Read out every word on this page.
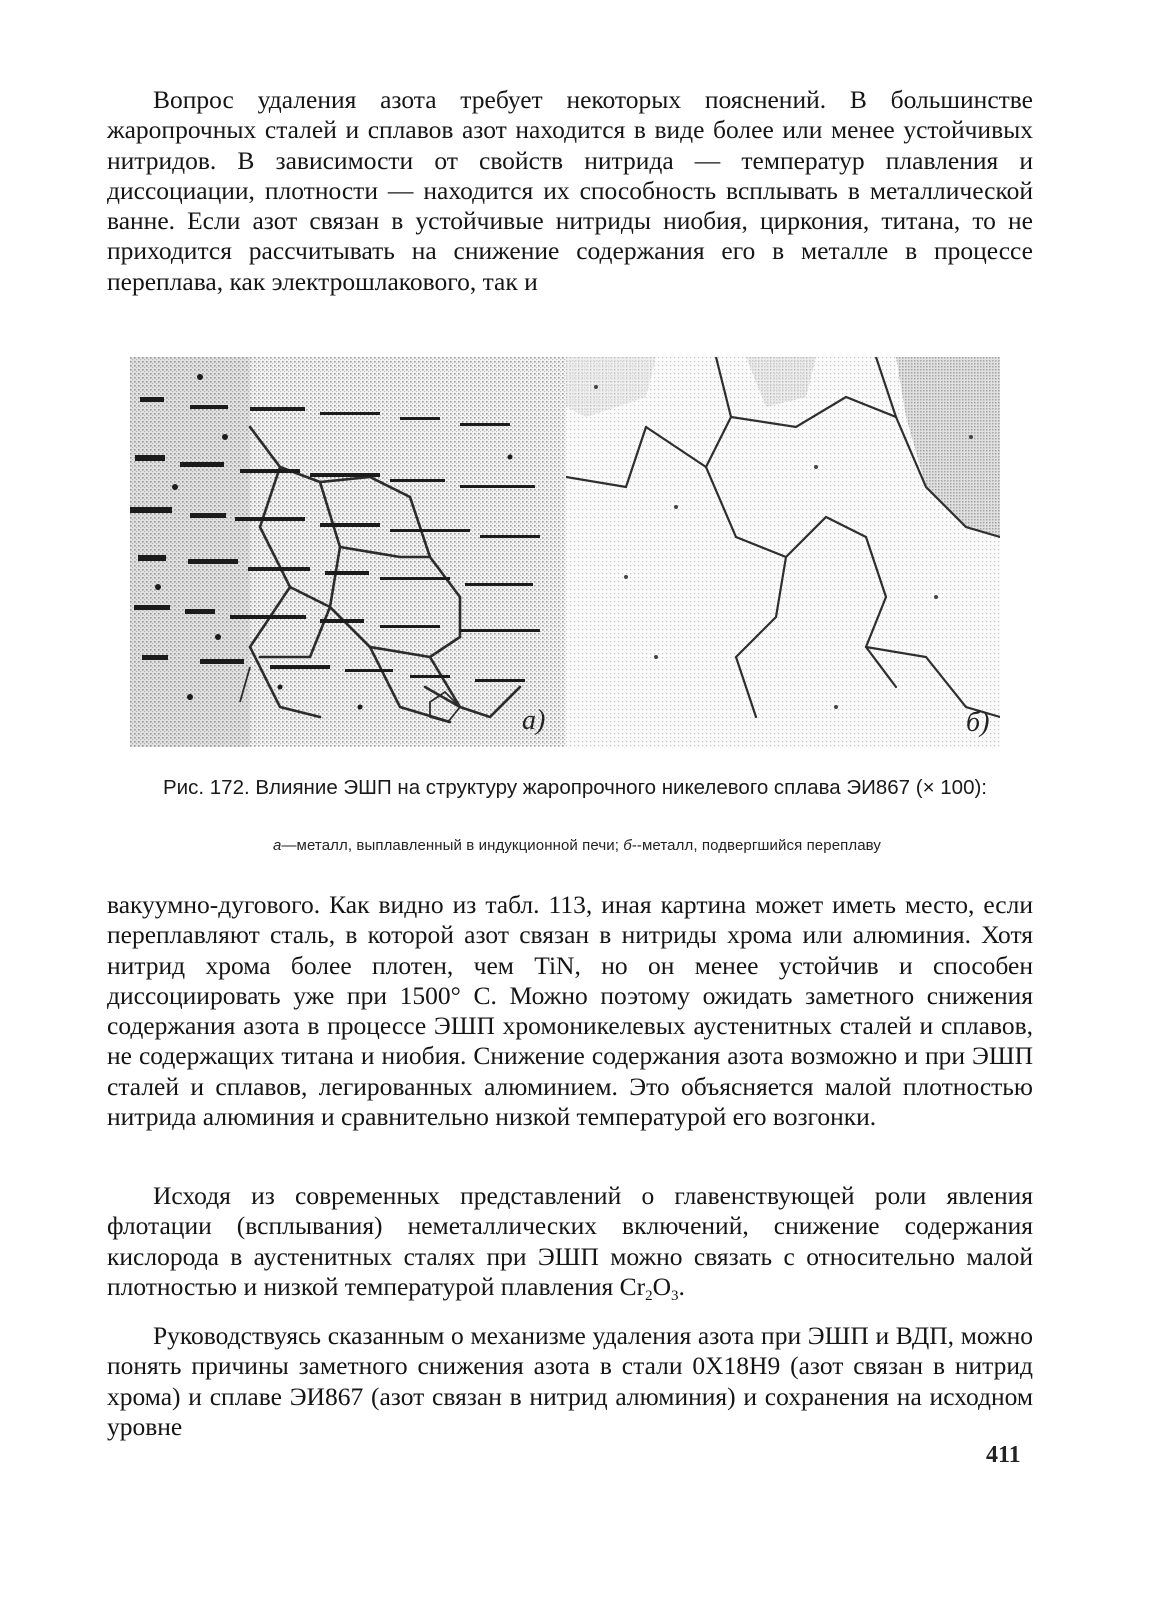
Вопрос удаления азота требует некоторых пояснений. В большинстве жаропрочных сталей и сплавов азот находится в виде более или менее устойчивых нитридов. В зависимости от свойств нитрида — температур плавления и диссоциации, плотности — находится их способность всплывать в металлической ванне. Если азот связан в устойчивые нитриды ниобия, циркония, титана, то не приходится рассчитывать на снижение содержания его в металле в процессе переплава, как электрошлакового, так и

а)	б)

Рис. 172. Влияние ЭШП на структуру жаропрочного никелевого сплава ЭИ867 (× 100):

а—металл, выплавленный в индукционной печи; б--металл, подвергшийся переплаву

вакуумно-дугового. Как видно из табл. 113, иная картина может иметь место, если переплавляют сталь, в которой азот связан в нитриды хрома или алюминия. Хотя нитрид хрома более плотен, чем TiN, но он менее устойчив и способен диссоциировать уже при 1500° С. Можно поэтому ожидать заметного снижения содержания азота в процессе ЭШП хромоникелевых аустенитных сталей и сплавов, не содержащих титана и ниобия. Снижение содержания азота возможно и при ЭШП сталей и сплавов, легированных алюминием. Это объясняется малой плотностью нитрида алюминия и сравнительно низкой температурой его возгонки.

Исходя из современных представлений о главенствующей роли явления флотации (всплывания) неметаллических включений, снижение содержания кислорода в аустенитных сталях при ЭШП можно связать с относительно малой плотностью и низкой температурой плавления $Cr_2O_3$.

Руководствуясь сказанным о механизме удаления азота при ЭШП и ВДП, можно понять причины заметного снижения азота в стали 0Х18Н9 (азот связан в нитрид хрома) и сплаве ЭИ867 (азот связан в нитрид алюминия) и сохранения на исходном уровне

411
